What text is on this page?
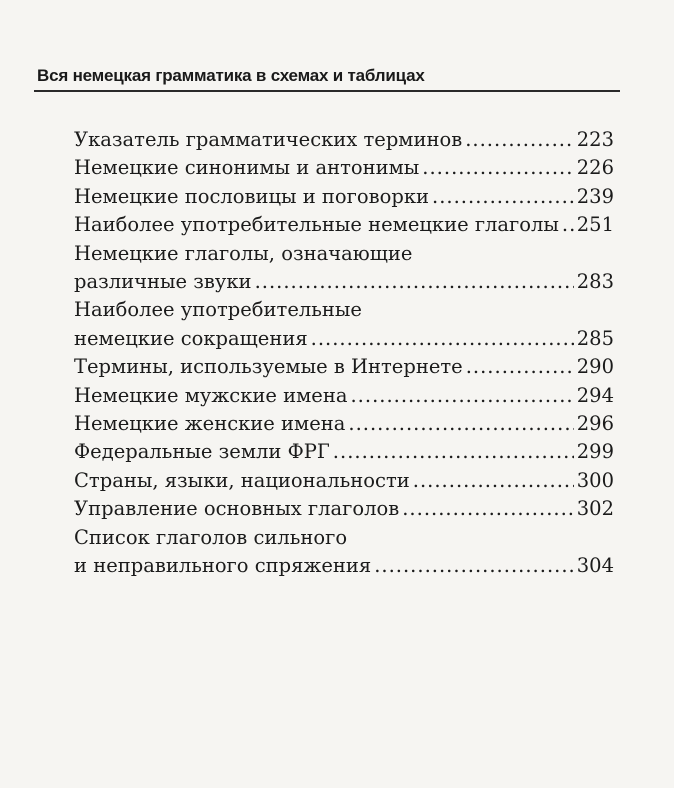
Вся немецкая грамматика в схемах и таблицах
Указатель грамматических терминов .....	223
Немецкие синонимы и антонимы .....	226
Немецкие пословицы и поговорки .....	239
Наиболее употребительные немецкие глаголы ..... 251
Немецкие глаголы, означающие
различные звуки .....	283
Наиболее употребительные
немецкие сокращения .....	285
Термины, используемые в Интернете .....	290
Немецкие мужские имена .....	294
Немецкие женские имена .....	296
Федеральные земли ФРГ .....	299
Страны, языки, национальности .....	300
Управление основных глаголов .....	302
Список глаголов сильного
и неправильного спряжения .....	304
